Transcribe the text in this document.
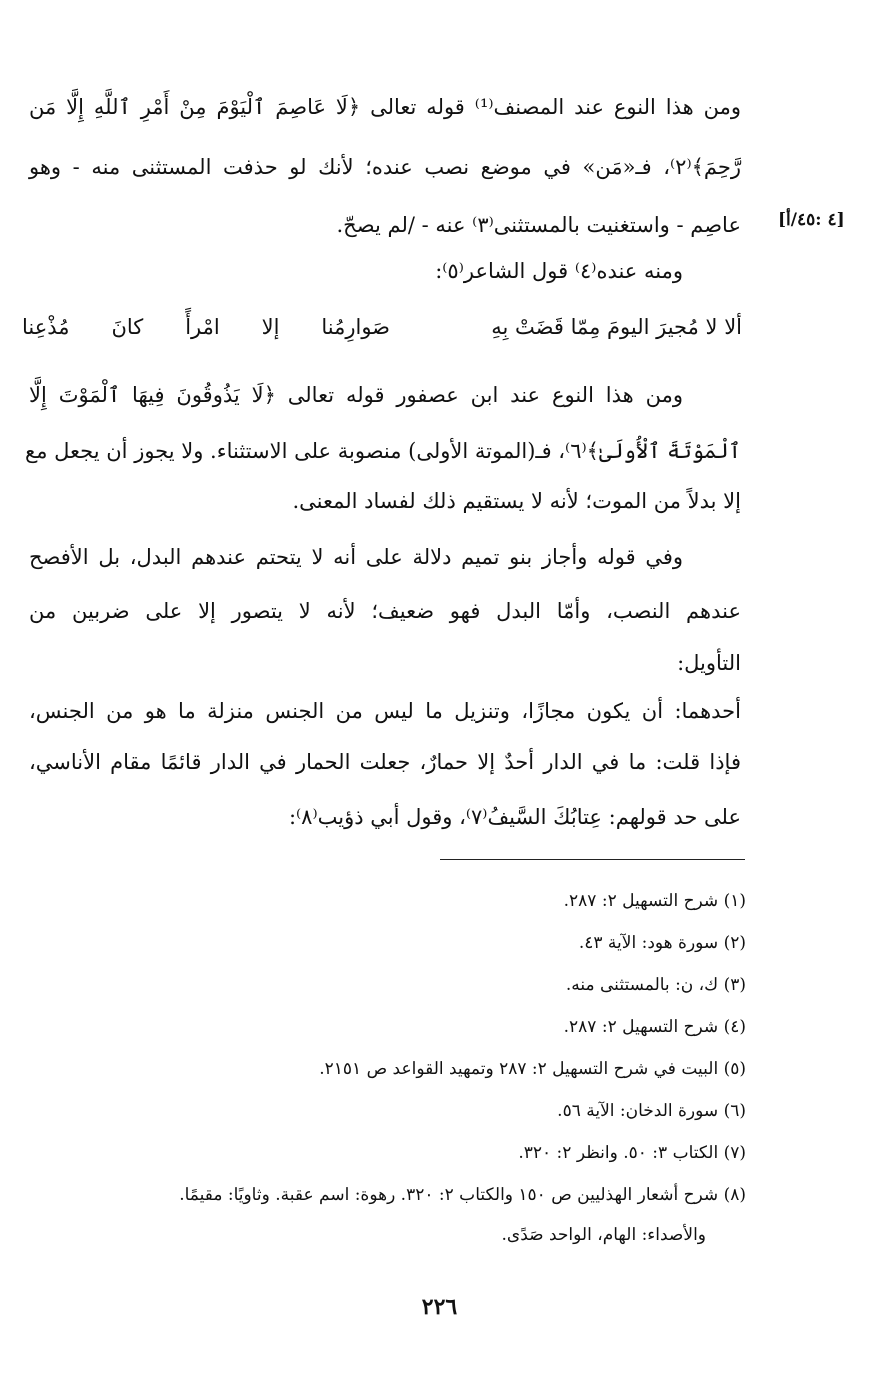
[٤ :٤٥/أ]
ومن هذا النوع عند المصنف⁽¹⁾ قوله تعالى ﴿لَا عَاصِمَ ٱلْيَوْمَ مِنْ أَمْرِ ٱللَّهِ إِلَّا مَن
رَّحِمَ﴾⁽٢⁾، فـ«مَن» في موضع نصب عنده؛ لأنك لو حذفت المستثنى منه - وهو
عاصِم - واستغنيت بالمستثنى⁽٣⁾ عنه - /لم يصحّ.
ومنه عنده⁽٤⁾ قول الشاعر⁽٥⁾:
ألا لا مُجيرَ اليومَ مِمّا قَضَتْ بِهِ
صَوارِمُنا إلا امْرأً كانَ مُذْعِنا
ومن هذا النوع عند ابن عصفور قوله تعالى ﴿لَا يَذُوقُونَ فِيهَا ٱلْمَوْتَ إِلَّا
ٱلْمَوْتَةَ ٱلْأُولَىٰ﴾⁽٦⁾، فـ(الموتة الأولى) منصوبة على الاستثناء. ولا يجوز أن يجعل مع
إلا بدلاً من الموت؛ لأنه لا يستقيم ذلك لفساد المعنى.
وفي قوله وأجاز بنو تميم دلالة على أنه لا يتحتم عندهم البدل، بل الأفصح
عندهم النصب، وأمّا البدل فهو ضعيف؛ لأنه لا يتصور إلا على ضربين من
التأويل:
أحدهما: أن يكون مجازًا، وتنزيل ما ليس من الجنس منزلة ما هو من الجنس،
فإذا قلت: ما في الدار أحدٌ إلا حمارٌ، جعلت الحمار في الدار قائمًا مقام الأناسي،
على حد قولهم: عِتابُكَ السَّيفُ⁽٧⁾، وقول أبي ذؤيب⁽٨⁾:
(١) شرح التسهيل ٢: ٢٨٧.
(٢) سورة هود: الآية ٤٣.
(٣) ك، ن: بالمستثنى منه.
(٤) شرح التسهيل ٢: ٢٨٧.
(٥) البيت في شرح التسهيل ٢: ٢٨٧ وتمهيد القواعد ص ٢١٥١.
(٦) سورة الدخان: الآية ٥٦.
(٧) الكتاب ٣: ٥٠. وانظر ٢: ٣٢٠.
(٨) شرح أشعار الهذليين ص ١٥٠ والكتاب ٢: ٣٢٠. رهوة: اسم عقبة. وثاويًا: مقيمًا.
والأصداء: الهام، الواحد صَدًى.
٢٢٦
